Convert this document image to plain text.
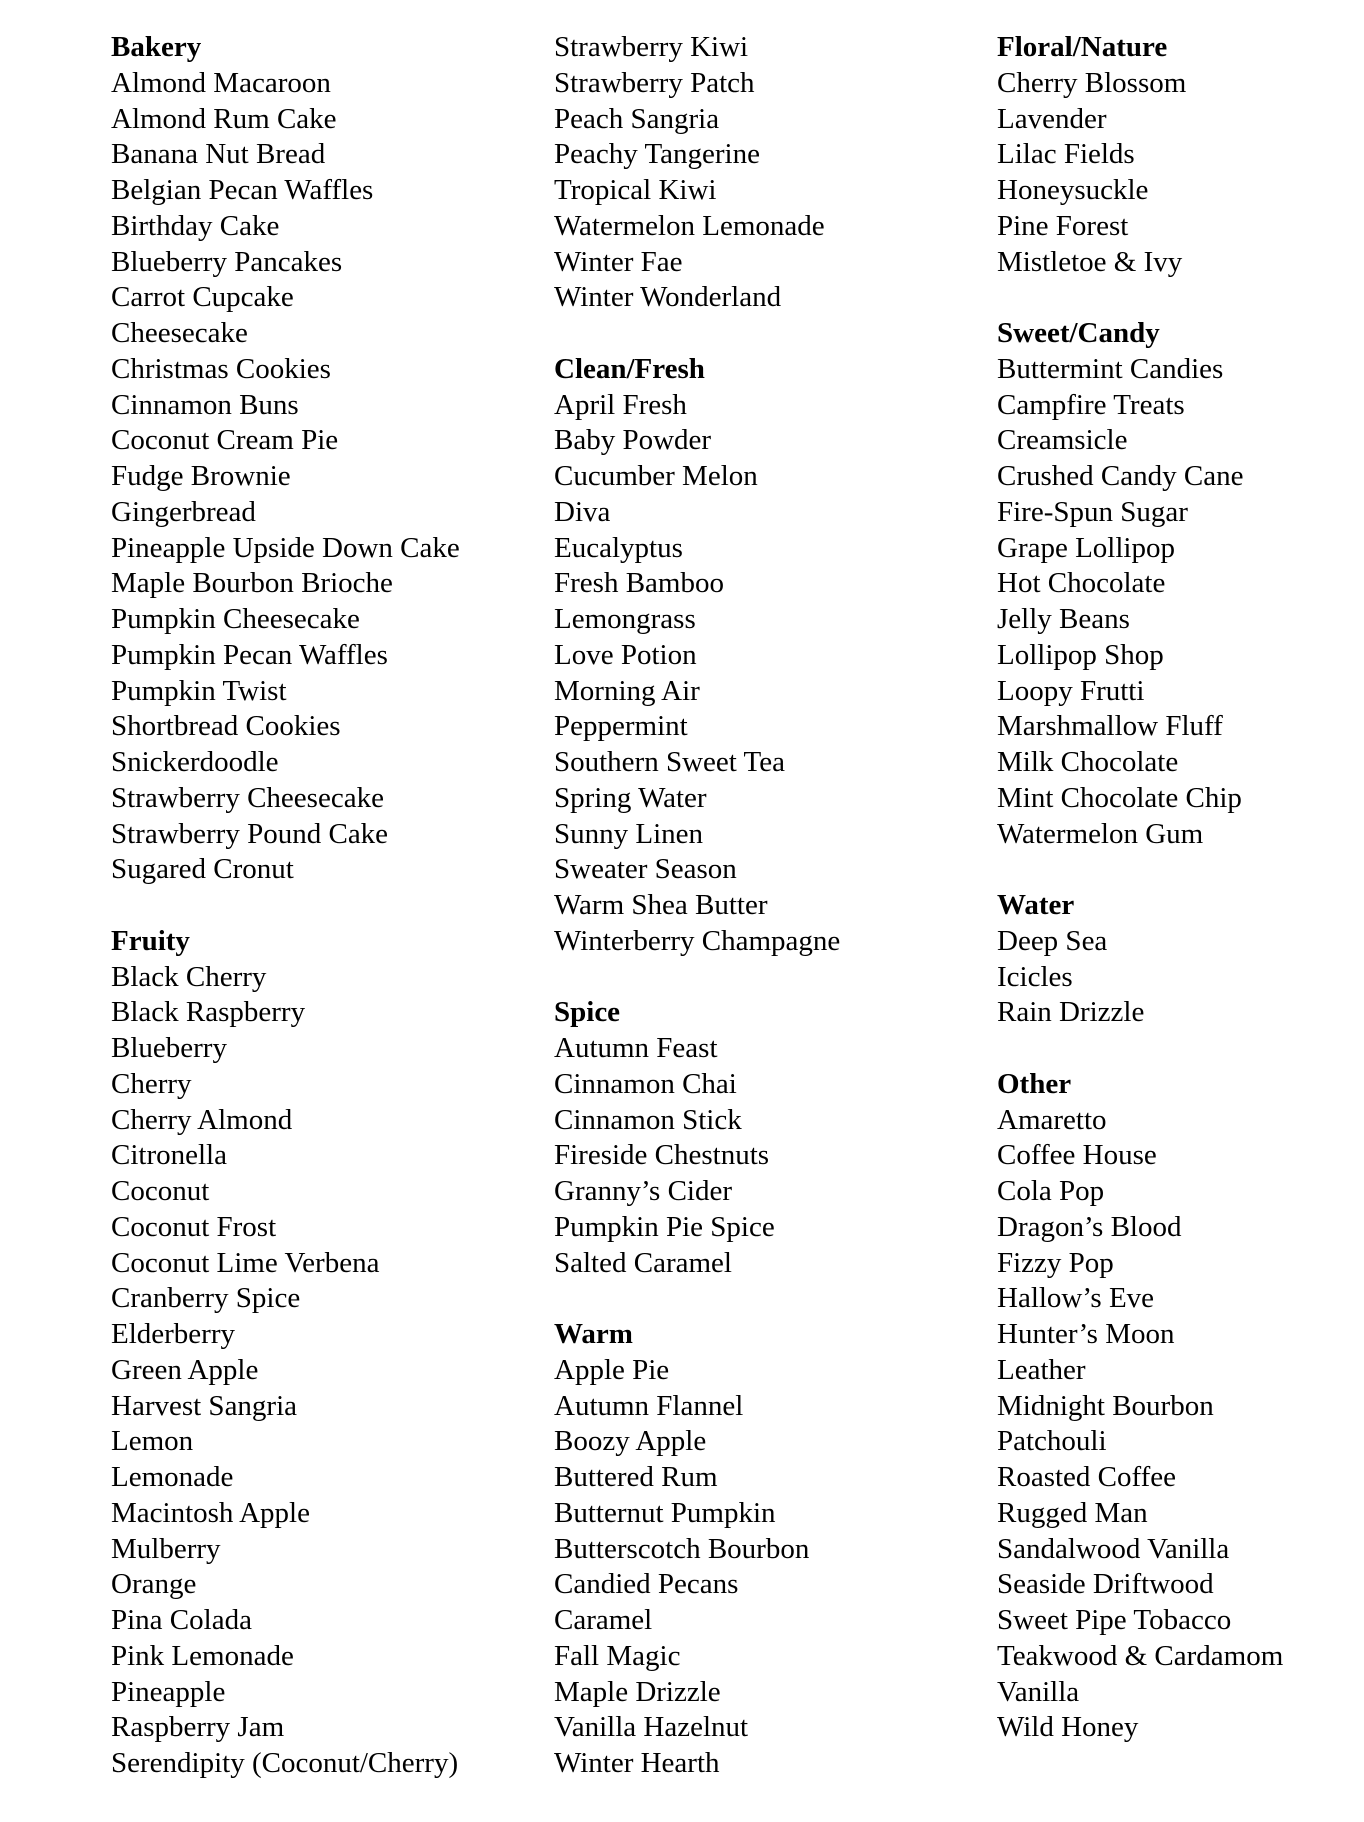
Bakery
Almond Macaroon
Almond Rum Cake
Banana Nut Bread
Belgian Pecan Waffles
Birthday Cake
Blueberry Pancakes
Carrot Cupcake
Cheesecake
Christmas Cookies
Cinnamon Buns
Coconut Cream Pie
Fudge Brownie
Gingerbread
Pineapple Upside Down Cake
Maple Bourbon Brioche
Pumpkin Cheesecake
Pumpkin Pecan Waffles
Pumpkin Twist
Shortbread Cookies
Snickerdoodle
Strawberry Cheesecake
Strawberry Pound Cake
Sugared Cronut
Fruity
Black Cherry
Black Raspberry
Blueberry
Cherry
Cherry Almond
Citronella
Coconut
Coconut Frost
Coconut Lime Verbena
Cranberry Spice
Elderberry
Green Apple
Harvest Sangria
Lemon
Lemonade
Macintosh Apple
Mulberry
Orange
Pina Colada
Pink Lemonade
Pineapple
Raspberry Jam
Serendipity (Coconut/Cherry)
Strawberry Kiwi
Strawberry Patch
Peach Sangria
Peachy Tangerine
Tropical Kiwi
Watermelon Lemonade
Winter Fae
Winter Wonderland
Clean/Fresh
April Fresh
Baby Powder
Cucumber Melon
Diva
Eucalyptus
Fresh Bamboo
Lemongrass
Love Potion
Morning Air
Peppermint
Southern Sweet Tea
Spring Water
Sunny Linen
Sweater Season
Warm Shea Butter
Winterberry Champagne
Spice
Autumn Feast
Cinnamon Chai
Cinnamon Stick
Fireside Chestnuts
Granny’s Cider
Pumpkin Pie Spice
Salted Caramel
Warm
Apple Pie
Autumn Flannel
Boozy Apple
Buttered Rum
Butternut Pumpkin
Butterscotch Bourbon
Candied Pecans
Caramel
Fall Magic
Maple Drizzle
Vanilla Hazelnut
Winter Hearth
Floral/Nature
Cherry Blossom
Lavender
Lilac Fields
Honeysuckle
Pine Forest
Mistletoe & Ivy
Sweet/Candy
Buttermint Candies
Campfire Treats
Creamsicle
Crushed Candy Cane
Fire-Spun Sugar
Grape Lollipop
Hot Chocolate
Jelly Beans
Lollipop Shop
Loopy Frutti
Marshmallow Fluff
Milk Chocolate
Mint Chocolate Chip
Watermelon Gum
Water
Deep Sea
Icicles
Rain Drizzle
Other
Amaretto
Coffee House
Cola Pop
Dragon’s Blood
Fizzy Pop
Hallow’s Eve
Hunter’s Moon
Leather
Midnight Bourbon
Patchouli
Roasted Coffee
Rugged Man
Sandalwood Vanilla
Seaside Driftwood
Sweet Pipe Tobacco
Teakwood & Cardamom
Vanilla
Wild Honey
